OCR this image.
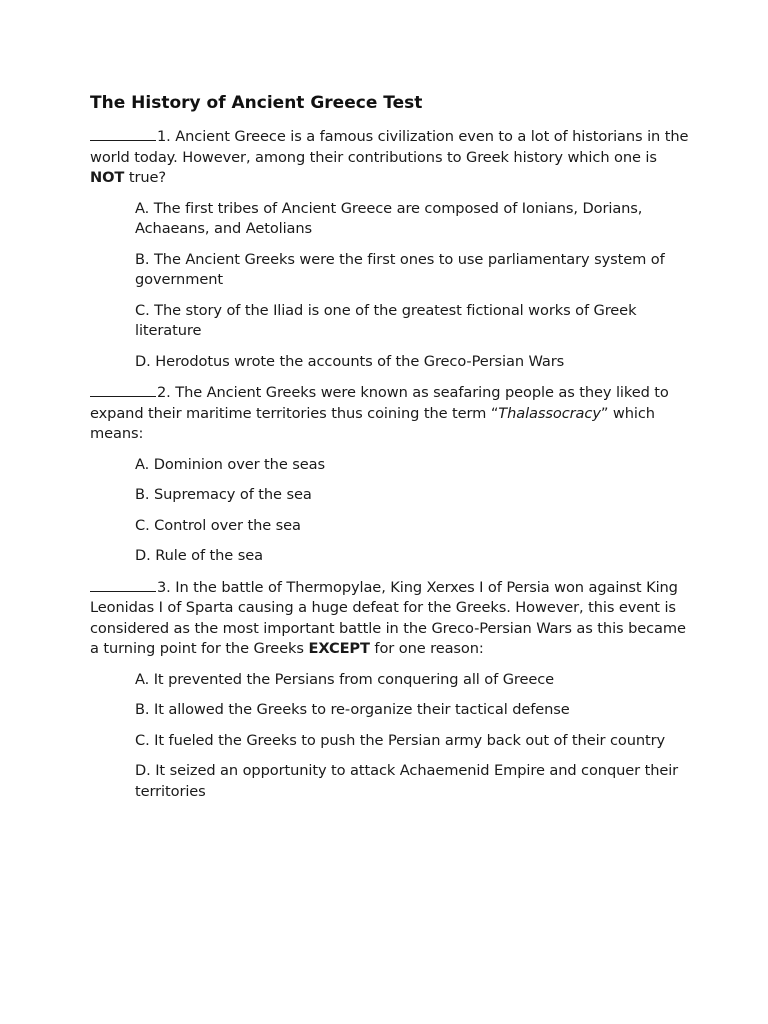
The History of Ancient Greece Test

1. Ancient Greece is a famous civilization even to a lot of historians in the world today. However, among their contributions to Greek history which one is NOT true?

A. The first tribes of Ancient Greece are composed of Ionians, Dorians, Achaeans, and Aetolians
B. The Ancient Greeks were the first ones to use parliamentary system of government
C. The story of the Iliad is one of the greatest fictional works of Greek literature
D. Herodotus wrote the accounts of the Greco-Persian Wars

2. The Ancient Greeks were known as seafaring people as they liked to expand their maritime territories thus coining the term “Thalassocracy” which means:

A. Dominion over the seas
B. Supremacy of the sea
C. Control over the sea
D. Rule of the sea

3. In the battle of Thermopylae, King Xerxes I of Persia won against King Leonidas I of Sparta causing a huge defeat for the Greeks. However, this event is considered as the most important battle in the Greco-Persian Wars as this became a turning point for the Greeks EXCEPT for one reason:

A. It prevented the Persians from conquering all of Greece
B. It allowed the Greeks to re-organize their tactical defense
C. It fueled the Greeks to push the Persian army back out of their country
D. It seized an opportunity to attack Achaemenid Empire and conquer their territories
